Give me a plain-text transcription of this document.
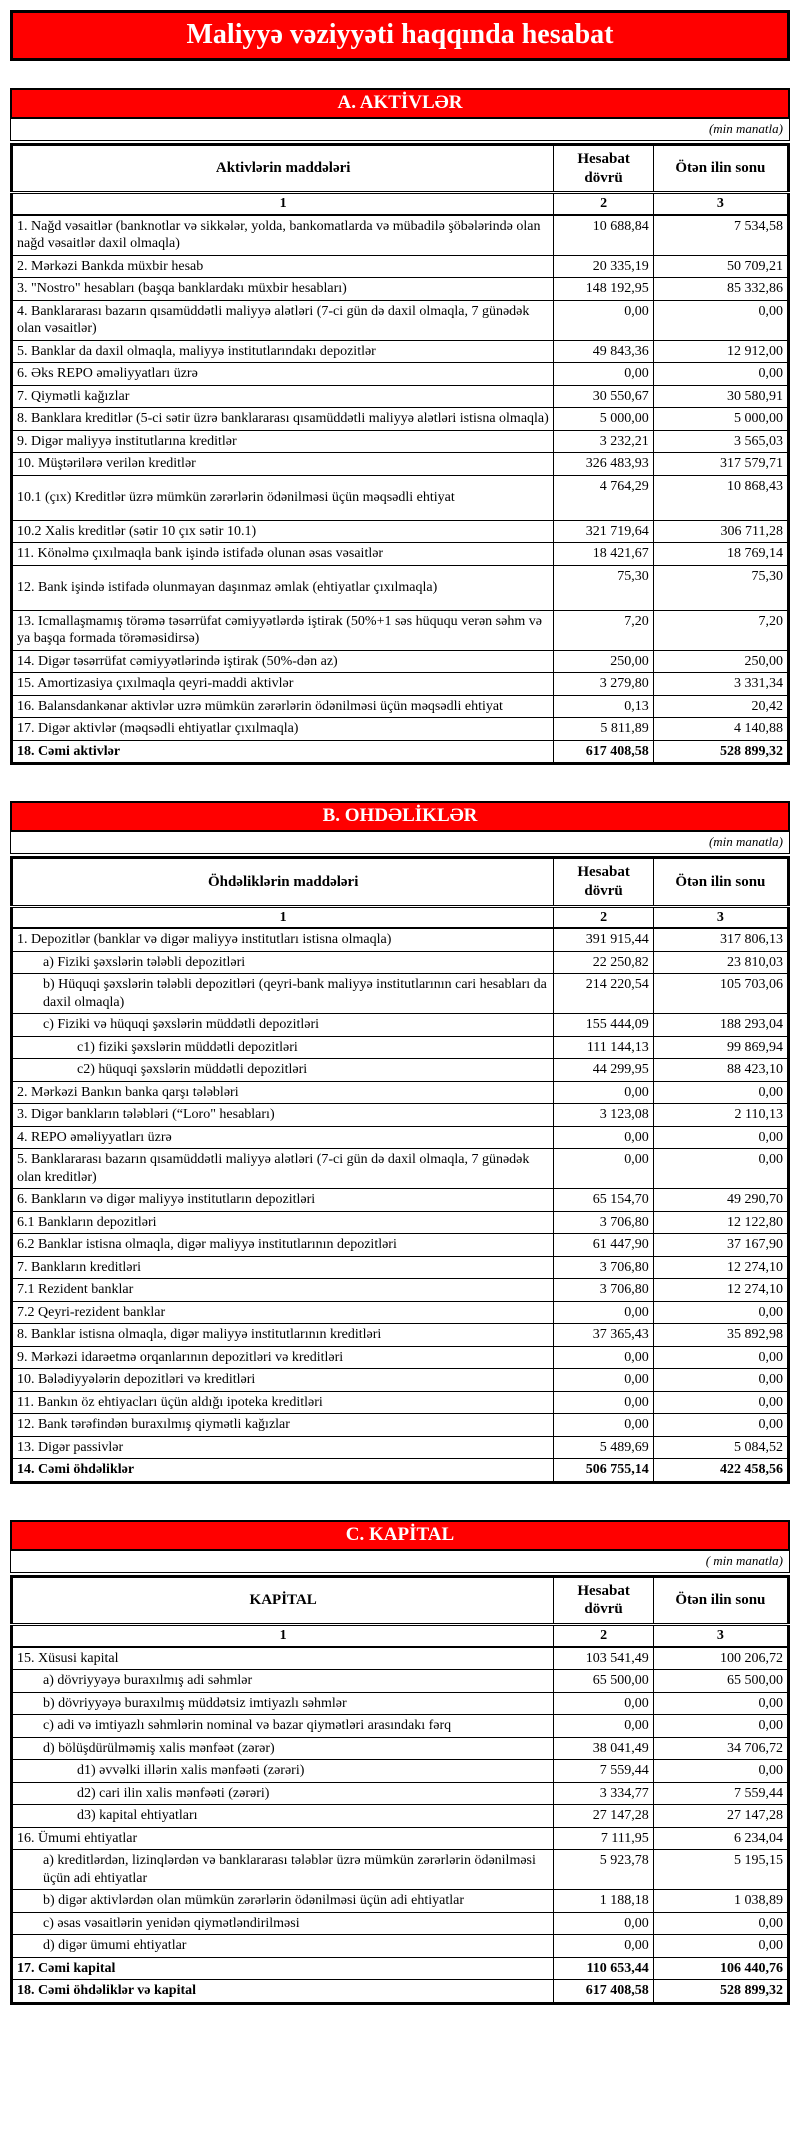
Maliyyə vəziyyəti haqqında hesabat
A. AKTİVLƏR
(min manatla)
Aktivlərin maddələri	Hesabat dövrü	Ötən ilin sonu
1	2	3
1. Nağd vəsaitlər (banknotlar və sikkələr, yolda, bankomatlarda və mübadilə şöbələrində olan nağd vəsaitlər daxil olmaqla)	10 688,84	7 534,58
2. Mərkəzi Bankda müxbir hesab	20 335,19	50 709,21
3. "Nostro" hesabları (başqa banklardakı müxbir hesabları)	148 192,95	85 332,86
4. Banklararası bazarın qısamüddətli maliyyə alətləri (7-ci gün də daxil olmaqla, 7 günədək olan vəsaitlər)	0,00	0,00
5. Banklar da daxil olmaqla, maliyyə institutlarındakı depozitlər	49 843,36	12 912,00
6. Əks REPO əməliyyatları üzrə	0,00	0,00
7. Qiymətli kağızlar	30 550,67	30 580,91
8. Banklara kreditlər (5-ci sətir üzrə banklararası qısamüddətli maliyyə alətləri istisna olmaqla)	5 000,00	5 000,00
9. Digər maliyyə institutlarına kreditlər	3 232,21	3 565,03
10. Müştərilərə verilən kreditlər	326 483,93	317 579,71
10.1 (çıx) Kreditlər üzrə mümkün zərərlərin ödənilməsi üçün məqsədli ehtiyat	4 764,29	10 868,43
10.2 Xalis kreditlər (sətir 10 çıx sətir 10.1)	321 719,64	306 711,28
11. Könəlmə çıxılmaqla bank işində istifadə olunan əsas vəsaitlər	18 421,67	18 769,14
12. Bank işində istifadə olunmayan daşınmaz əmlak (ehtiyatlar çıxılmaqla)	75,30	75,30
13. Icmallaşmamış törəmə təsərrüfat cəmiyyətlərdə iştirak (50%+1 səs hüququ verən səhm və ya başqa formada törəməsidirsə)	7,20	7,20
14. Digər təsərrüfat cəmiyyətlərində iştirak (50%-dən az)	250,00	250,00
15. Amortizasiya çıxılmaqla qeyri-maddi aktivlər	3 279,80	3 331,34
16. Balansdankənar aktivlər uzrə mümkün zərərlərin ödənilməsi üçün məqsədli ehtiyat	0,13	20,42
17. Digər aktivlər (məqsədli ehtiyatlar çıxılmaqla)	5 811,89	4 140,88
18. Cəmi aktivlər	617 408,58	528 899,32
B. OHDƏLİKLƏR
(min manatla)
Öhdəliklərin maddələri	Hesabat dövrü	Ötən ilin sonu
1	2	3
1. Depozitlər (banklar və digər maliyyə institutları istisna olmaqla)	391 915,44	317 806,13
a) Fiziki şəxslərin tələbli depozitləri	22 250,82	23 810,03
b) Hüquqi şəxslərin tələbli depozitləri (qeyri-bank maliyyə institutlarının cari hesabları da daxil olmaqla)	214 220,54	105 703,06
c) Fiziki və hüquqi şəxslərin müddətli depozitləri	155 444,09	188 293,04
c1) fiziki şəxslərin müddətli depozitləri	111 144,13	99 869,94
c2) hüquqi şəxslərin müddətli depozitləri	44 299,95	88 423,10
2. Mərkəzi Bankın banka qarşı tələbləri	0,00	0,00
3. Digər bankların tələbləri (“Loro" hesabları)	3 123,08	2 110,13
4. REPO əməliyyatları üzrə	0,00	0,00
5. Banklararası bazarın qısamüddətli maliyyə alətləri (7-ci gün də daxil olmaqla, 7 günədək olan kreditlər)	0,00	0,00
6. Bankların və digər maliyyə institutların depozitləri	65 154,70	49 290,70
6.1 Bankların depozitləri	3 706,80	12 122,80
6.2 Banklar istisna olmaqla, digər maliyyə institutlarının depozitləri	61 447,90	37 167,90
7. Bankların kreditləri	3 706,80	12 274,10
7.1 Rezident banklar	3 706,80	12 274,10
7.2 Qeyri-rezident banklar	0,00	0,00
8. Banklar istisna olmaqla, digər maliyyə institutlarının kreditləri	37 365,43	35 892,98
9. Mərkəzi idarəetmə orqanlarının depozitləri və kreditləri	0,00	0,00
10. Bələdiyyələrin depozitləri və kreditləri	0,00	0,00
11. Bankın öz ehtiyacları üçün aldığı ipoteka kreditləri	0,00	0,00
12. Bank tərəfindən buraxılmış qiymətli kağızlar	0,00	0,00
13. Digər passivlər	5 489,69	5 084,52
14. Cəmi öhdəliklər	506 755,14	422 458,56
C. KAPİTAL
( min manatla)
KAPİTAL	Hesabat dövrü	Ötən ilin sonu
1	2	3
15. Xüsusi kapital	103 541,49	100 206,72
a) dövriyyəyə buraxılmış adi səhmlər	65 500,00	65 500,00
b) dövriyyəyə buraxılmış müddətsiz imtiyazlı səhmlər	0,00	0,00
c) adi və imtiyazlı səhmlərin nominal və bazar qiymətləri arasındakı fərq	0,00	0,00
d) bölüşdürülməmiş xalis mənfəət (zərər)	38 041,49	34 706,72
d1) əvvəlki illərin xalis mənfəəti (zərəri)	7 559,44	0,00
d2) cari ilin xalis mənfəəti (zərəri)	3 334,77	7 559,44
d3) kapital ehtiyatları	27 147,28	27 147,28
16. Ümumi ehtiyatlar	7 111,95	6 234,04
a) kreditlərdən, lizinqlərdən və banklararası tələblər üzrə mümkün zərərlərin ödənilməsi üçün adi ehtiyatlar	5 923,78	5 195,15
b) digər aktivlərdən olan mümkün zərərlərin ödənilməsi üçün adi ehtiyatlar	1 188,18	1 038,89
c) əsas vəsaitlərin yenidən qiymətləndirilməsi	0,00	0,00
d) digər ümumi ehtiyatlar	0,00	0,00
17. Cəmi kapital	110 653,44	106 440,76
18. Cəmi öhdəliklər və kapital	617 408,58	528 899,32
